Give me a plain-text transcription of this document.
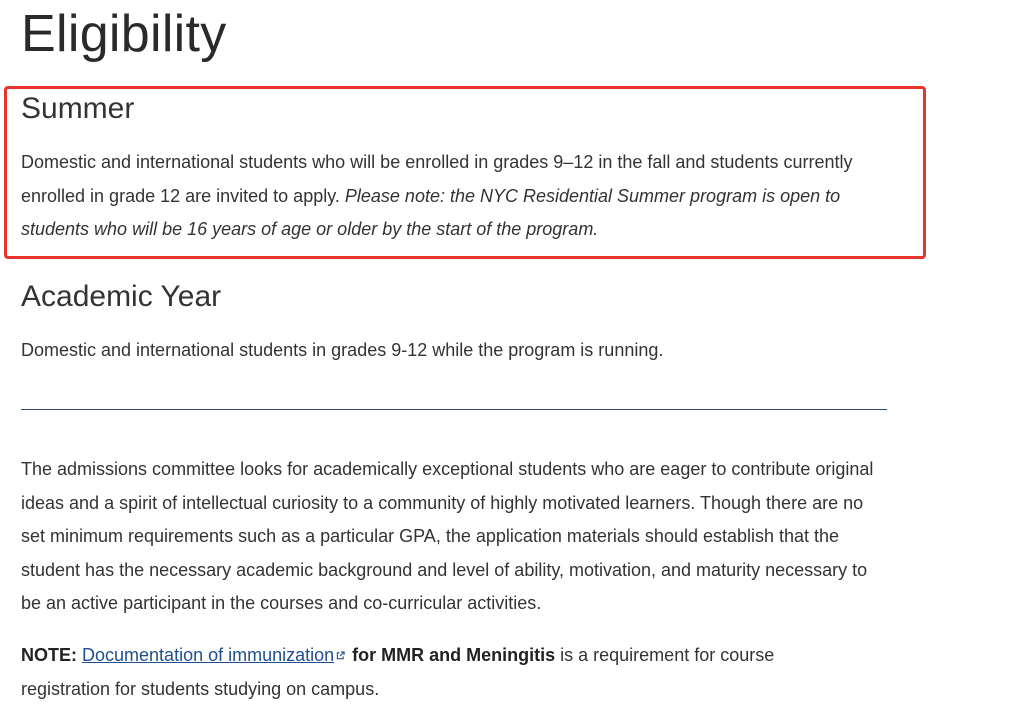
Eligibility
Summer

Domestic and international students who will be enrolled in grades 9–12 in the fall and students currently enrolled in grade 12 are invited to apply. Please note: the NYC Residential Summer program is open to students who will be 16 years of age or older by the start of the program.

Academic Year

Domestic and international students in grades 9-12 while the program is running.

The admissions committee looks for academically exceptional students who are eager to contribute original ideas and a spirit of intellectual curiosity to a community of highly motivated learners. Though there are no set minimum requirements such as a particular GPA, the application materials should establish that the student has the necessary academic background and level of ability, motivation, and maturity necessary to be an active participant in the courses and co-curricular activities.

NOTE: Documentation of immunization for MMR and Meningitis is a requirement for course registration for students studying on campus.
